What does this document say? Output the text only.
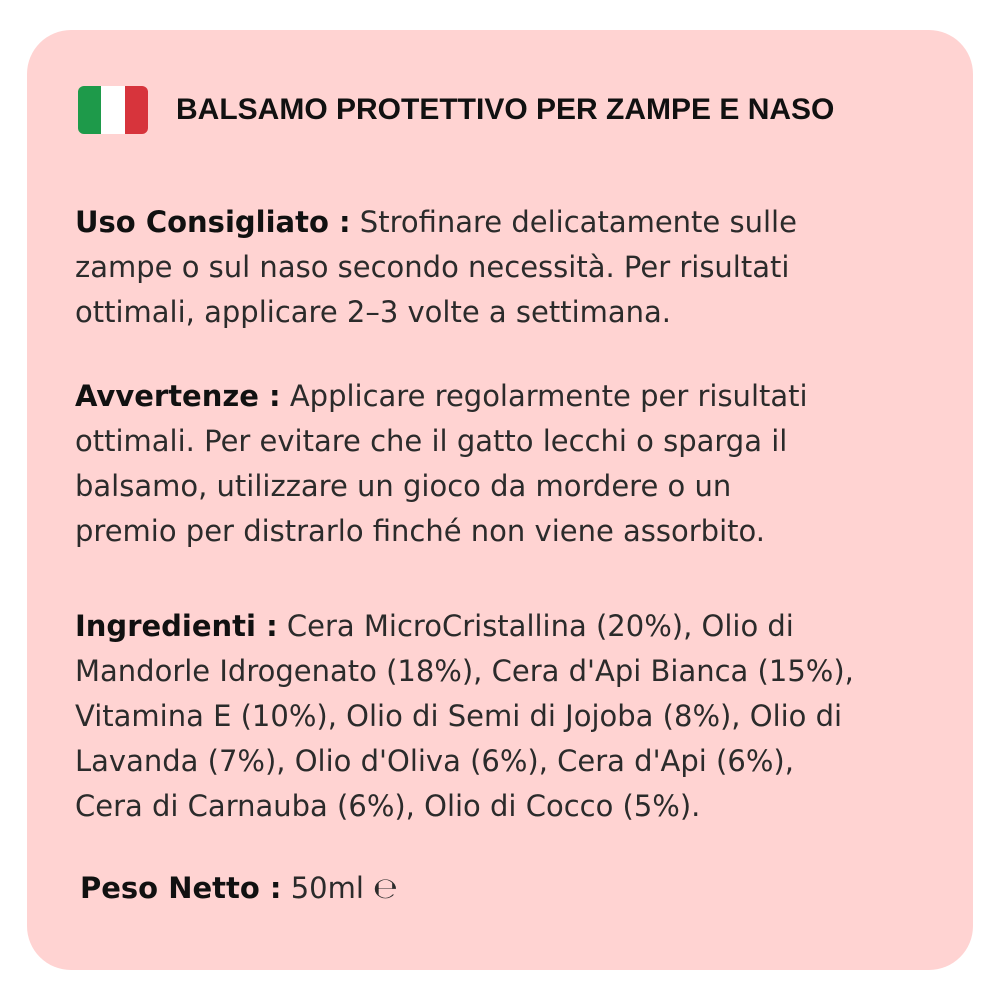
BALSAMO PROTETTIVO PER ZAMPE E NASO
Uso Consigliato : Strofinare delicatamente sulle
zampe o sul naso secondo necessità. Per risultati
ottimali, applicare 2–3 volte a settimana.
Avvertenze : Applicare regolarmente per risultati
ottimali. Per evitare che il gatto lecchi o sparga il
balsamo, utilizzare un gioco da mordere o un
premio per distrarlo finché non viene assorbito.
Ingredienti : Cera MicroCristallina (20%), Olio di
Mandorle Idrogenato (18%), Cera d'Api Bianca (15%),
Vitamina E (10%), Olio di Semi di Jojoba (8%), Olio di
Lavanda (7%), Olio d'Oliva (6%), Cera d'Api (6%),
Cera di Carnauba (6%), Olio di Cocco (5%).
Peso Netto : 50ml ℮
